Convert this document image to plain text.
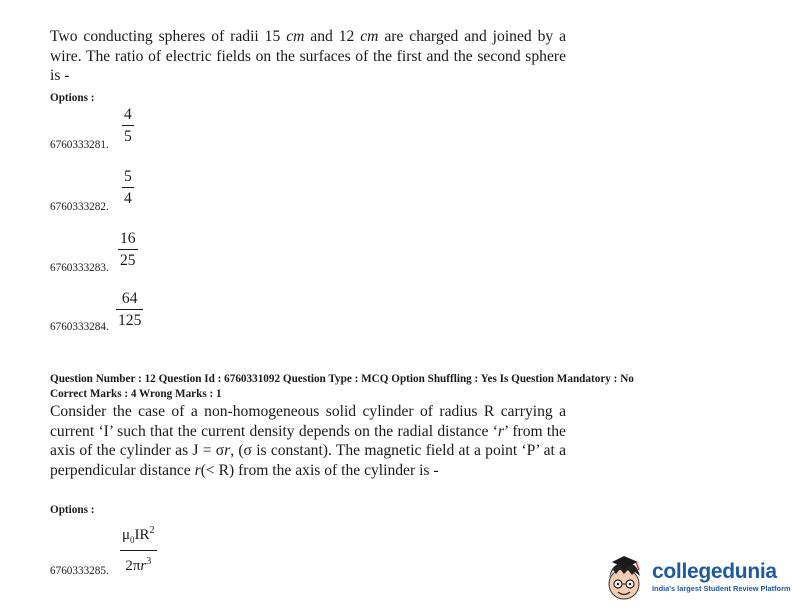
Two conducting spheres of radii 15 cm and 12 cm are charged and joined by a wire. The ratio of electric fields on the surfaces of the first and the second sphere is -

Options :

4
5
6760333281.
5
4
6760333282.
16
25
6760333283.
64
125
6760333284.

Question Number : 12 Question Id : 6760331092 Question Type : MCQ Option Shuffling : Yes Is Question Mandatory : No

Correct Marks : 4 Wrong Marks : 1

Consider the case of a non-homogeneous solid cylinder of radius R carrying a current ‘I’ such that the current density depends on the radial distance ‘r’ from the axis of the cylinder as J = σr, (σ is constant). The magnetic field at a point ‘P’ at a perpendicular distance r(< R) from the axis of the cylinder is -

Options :

$\mu_0IR^2$
$2\pi r^3$
6760333285.	collegedunia
India's largest Student Review Platform
